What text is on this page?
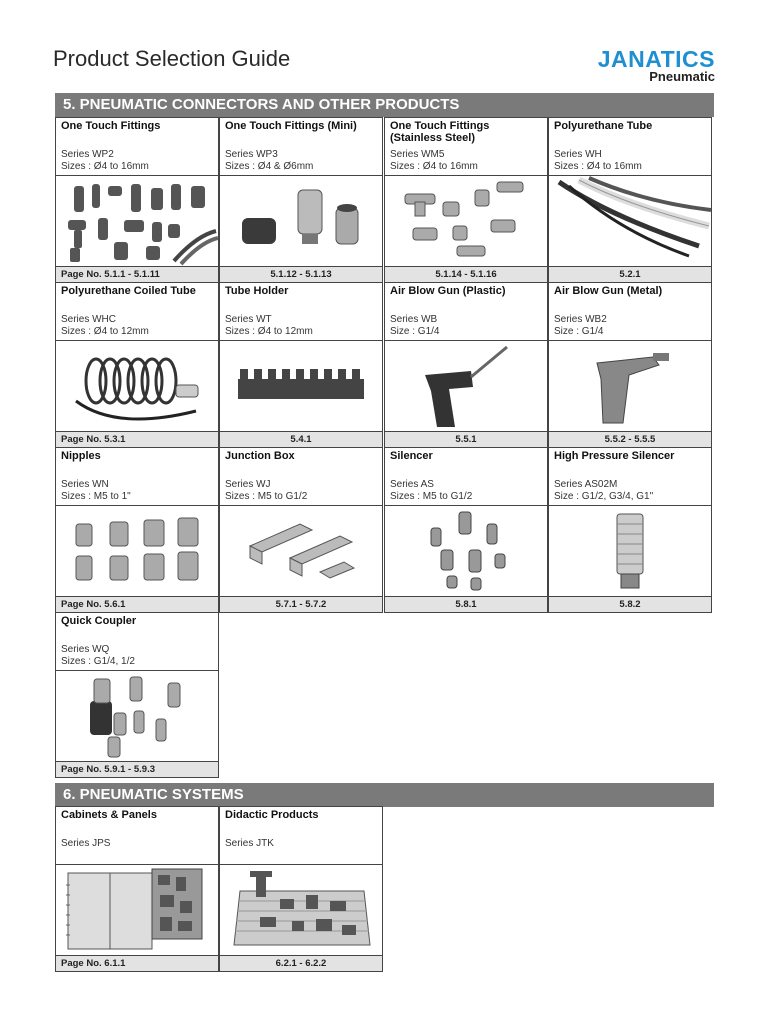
Product Selection Guide	JANATICS
Pneumatic
5. PNEUMATIC CONNECTORS AND OTHER PRODUCTS
One Touch Fittings
Series WP2
Sizes : Ø4 to 16mm
Page No. 5.1.1 - 5.1.11
One Touch Fittings (Mini)
Series WP3
Sizes : Ø4 & Ø6mm
5.1.12 - 5.1.13
One Touch Fittings (Stainless Steel)
Series WM5
Sizes : Ø4 to 16mm
5.1.14 - 5.1.16
Polyurethane Tube
Series WH
Sizes : Ø4 to 16mm
5.2.1
Polyurethane Coiled Tube
Series WHC
Sizes : Ø4 to 12mm
Page No. 5.3.1
Tube Holder
Series WT
Sizes : Ø4 to 12mm
5.4.1
Air Blow Gun (Plastic)
Series WB
Size : G1/4
5.5.1
Air Blow Gun (Metal)
Series WB2
Size : G1/4
5.5.2 - 5.5.5
Nipples
Series WN
Sizes : M5 to 1"
Page No. 5.6.1
Junction Box
Series WJ
Sizes : M5 to G1/2
5.7.1 - 5.7.2
Silencer
Series AS
Sizes : M5 to G1/2
5.8.1
High Pressure Silencer
Series AS02M
Size : G1/2, G3/4, G1"
5.8.2
Quick Coupler
Series WQ
Sizes : G1/4, 1/2
Page No. 5.9.1 - 5.9.3
6. PNEUMATIC SYSTEMS
Cabinets & Panels
Series JPS
Page No. 6.1.1
Didactic Products
Series JTK
6.2.1 - 6.2.2
